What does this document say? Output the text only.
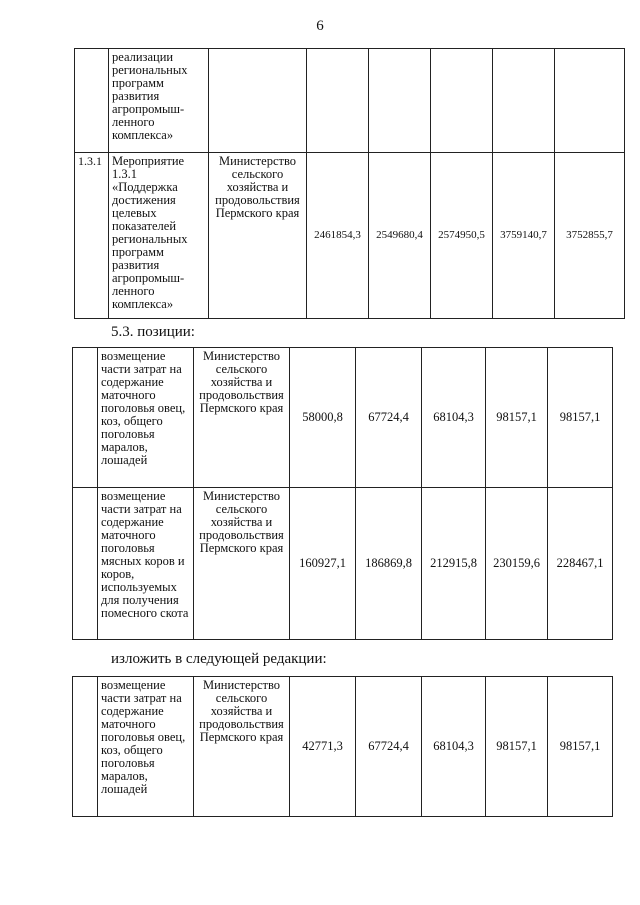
6
	реализации региональных программ развития агропромыш-ленного комплекса»						
1.3.1	Мероприятие 1.3.1 «Поддержка достижения целевых показателей региональных программ развития агропромыш-ленного комплекса»	Министерство сельского хозяйства и продовольствия Пермского края	2461854,3	2549680,4	2574950,5	3759140,7	3752855,7
5.3. позиции:
	возмещение части затрат на содержание маточного поголовья овец, коз, общего поголовья маралов, лошадей	Министерство сельского хозяйства и продовольствия Пермского края	58000,8	67724,4	68104,3	98157,1	98157,1
	возмещение части затрат на содержание маточного поголовья мясных коров и коров, используемых для получения помесного скота	Министерство сельского хозяйства и продовольствия Пермского края	160927,1	186869,8	212915,8	230159,6	228467,1
изложить в следующей редакции:
	возмещение части затрат на содержание маточного поголовья овец, коз, общего поголовья маралов, лошадей	Министерство сельского хозяйства и продовольствия Пермского края	42771,3	67724,4	68104,3	98157,1	98157,1
